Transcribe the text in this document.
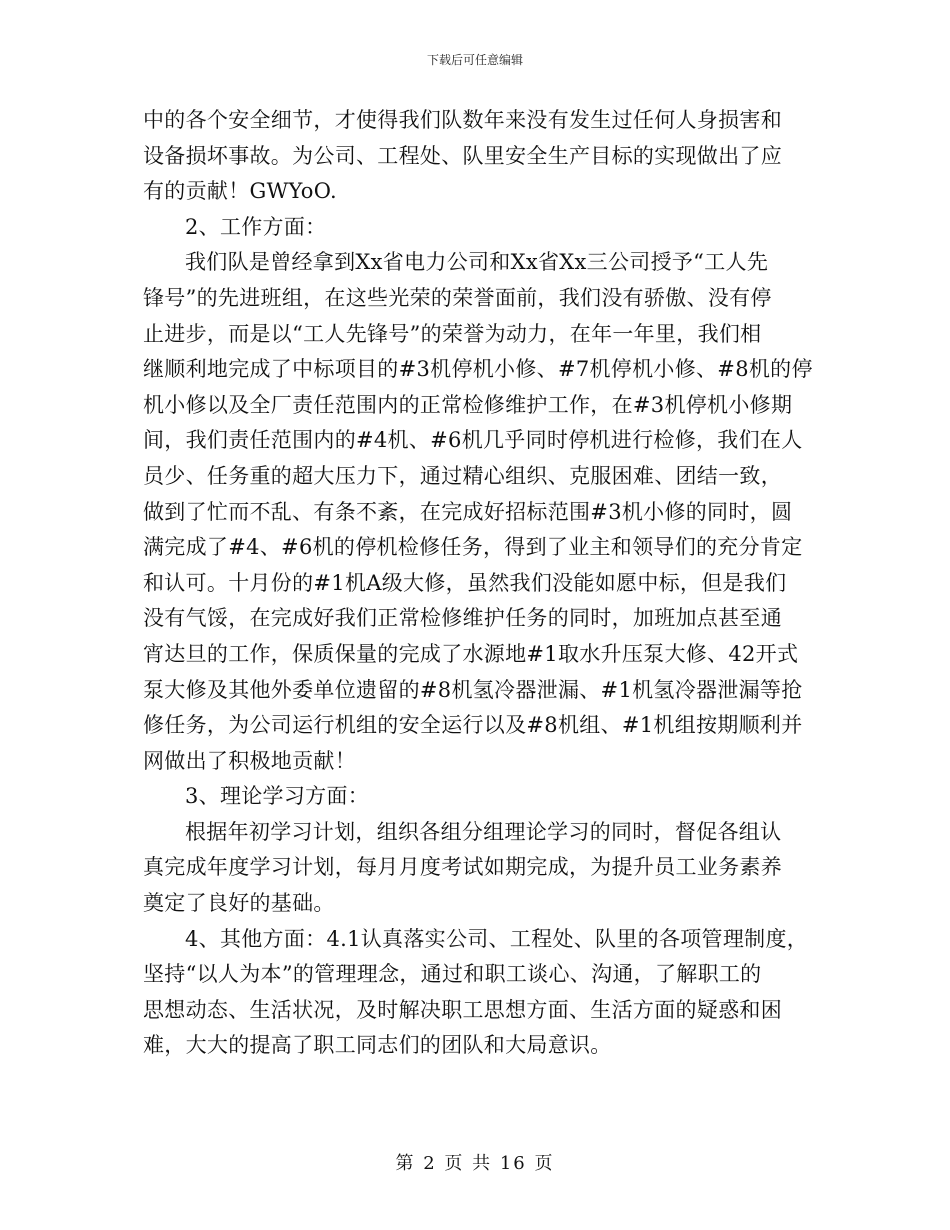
下载后可任意编辑
中的各个安全细节，才使得我们队数年来没有发生过任何人身损害和
设备损坏事故。为公司、工程处、队里安全生产目标的实现做出了应
有的贡献！GWYoO.
2、工作方面：
我们队是曾经拿到Xx省电力公司和Xx省Xx三公司授予“工人先
锋号”的先进班组，在这些光荣的荣誉面前，我们没有骄傲、没有停
止进步，而是以“工人先锋号”的荣誉为动力，在年一年里，我们相
继顺利地完成了中标项目的#3机停机小修、#7机停机小修、#8机的停
机小修以及全厂责任范围内的正常检修维护工作，在#3机停机小修期
间，我们责任范围内的#4机、#6机几乎同时停机进行检修，我们在人
员少、任务重的超大压力下，通过精心组织、克服困难、团结一致，
做到了忙而不乱、有条不紊，在完成好招标范围#3机小修的同时，圆
满完成了#4、#6机的停机检修任务，得到了业主和领导们的充分肯定
和认可。十月份的#1机A级大修，虽然我们没能如愿中标，但是我们
没有气馁，在完成好我们正常检修维护任务的同时，加班加点甚至通
宵达旦的工作，保质保量的完成了水源地#1取水升压泵大修、42开式
泵大修及其他外委单位遗留的#8机氢冷器泄漏、#1机氢冷器泄漏等抢
修任务，为公司运行机组的安全运行以及#8机组、#1机组按期顺利并
网做出了积极地贡献！
3、理论学习方面：
根据年初学习计划，组织各组分组理论学习的同时，督促各组认
真完成年度学习计划，每月月度考试如期完成，为提升员工业务素养
奠定了良好的基础。
4、其他方面：4.1认真落实公司、工程处、队里的各项管理制度，
坚持“以人为本”的管理理念，通过和职工谈心、沟通，了解职工的
思想动态、生活状况，及时解决职工思想方面、生活方面的疑惑和困
难，大大的提高了职工同志们的团队和大局意识。
第 2 页 共 16 页
